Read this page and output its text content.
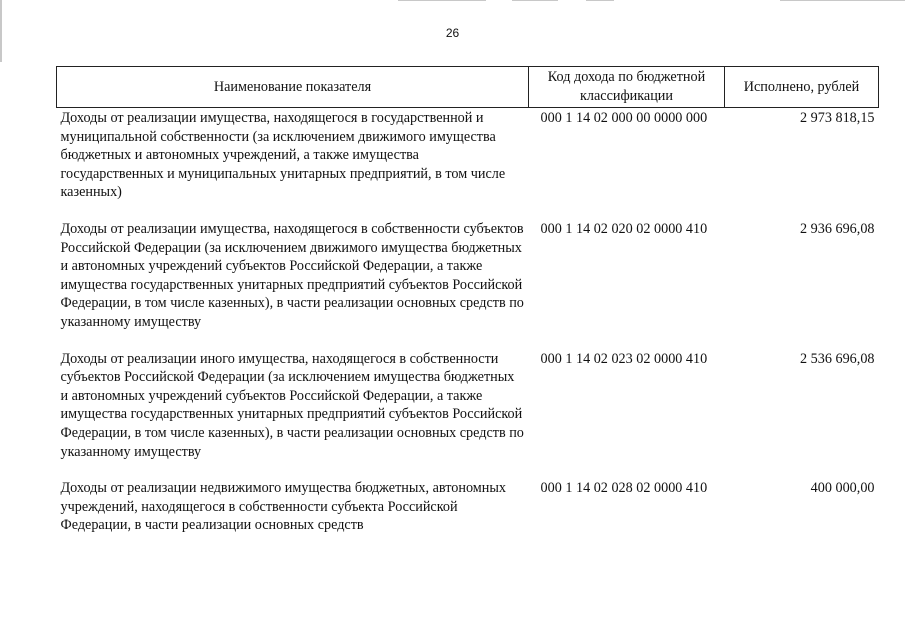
26
Наименование показателя	Код дохода по бюджетной классификации	Исполнено, рублей
Доходы от реализации имущества, находящегося в государственной и муниципальной собственности (за исключением движимого имущества бюджетных и автономных учреждений, а также имущества государственных и муниципальных унитарных предприятий, в том числе казенных)	000 1 14 02 000 00 0000 000	2 973 818,15
Доходы от реализации имущества, находящегося в собственности субъектов Российской Федерации (за исключением движимого имущества бюджетных и автономных учреждений субъектов Российской Федерации, а также имущества государственных унитарных предприятий субъектов Российской Федерации, в том числе казенных), в части реализации основных средств по указанному имуществу	000 1 14 02 020 02 0000 410	2 936 696,08
Доходы от реализации иного имущества, находящегося в собственности субъектов Российской Федерации (за исключением имущества бюджетных и автономных учреждений субъектов Российской Федерации, а также имущества государственных унитарных предприятий субъектов Российской Федерации, в том числе казенных), в части реализации основных средств по указанному имуществу	000 1 14 02 023 02 0000 410	2 536 696,08
Доходы от реализации недвижимого имущества бюджетных, автономных учреждений, находящегося в собственности субъекта Российской Федерации, в части реализации основных средств	000 1 14 02 028 02 0000 410	400 000,00
